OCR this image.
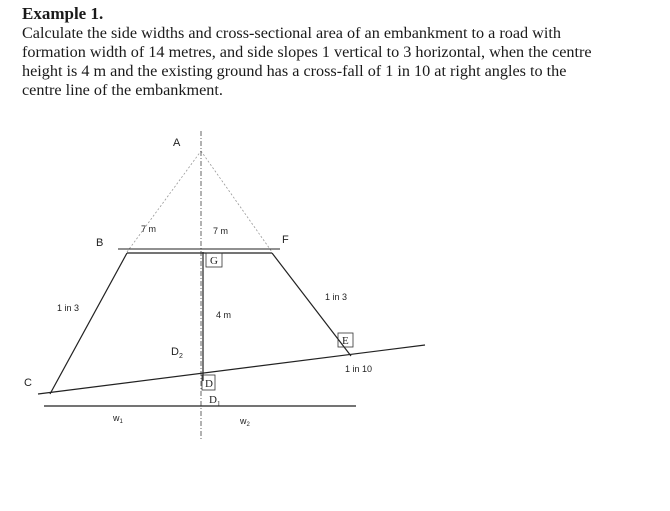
Example 1.

Calculate the side widths and cross-sectional area of an embankment to a road with
formation width of 14 metres, and side slopes 1 vertical to 3 horizontal, when the centre
height is 4 m and the existing ground has a cross-fall of 1 in 10 at right angles to the
centre line of the embankment.

A
B	F
7 m	7 m
G
1 in 3
1 in 3
4 m
E
1 in 10
$D_2$
C	D
$D_1$
$w_1$	$w_2$
